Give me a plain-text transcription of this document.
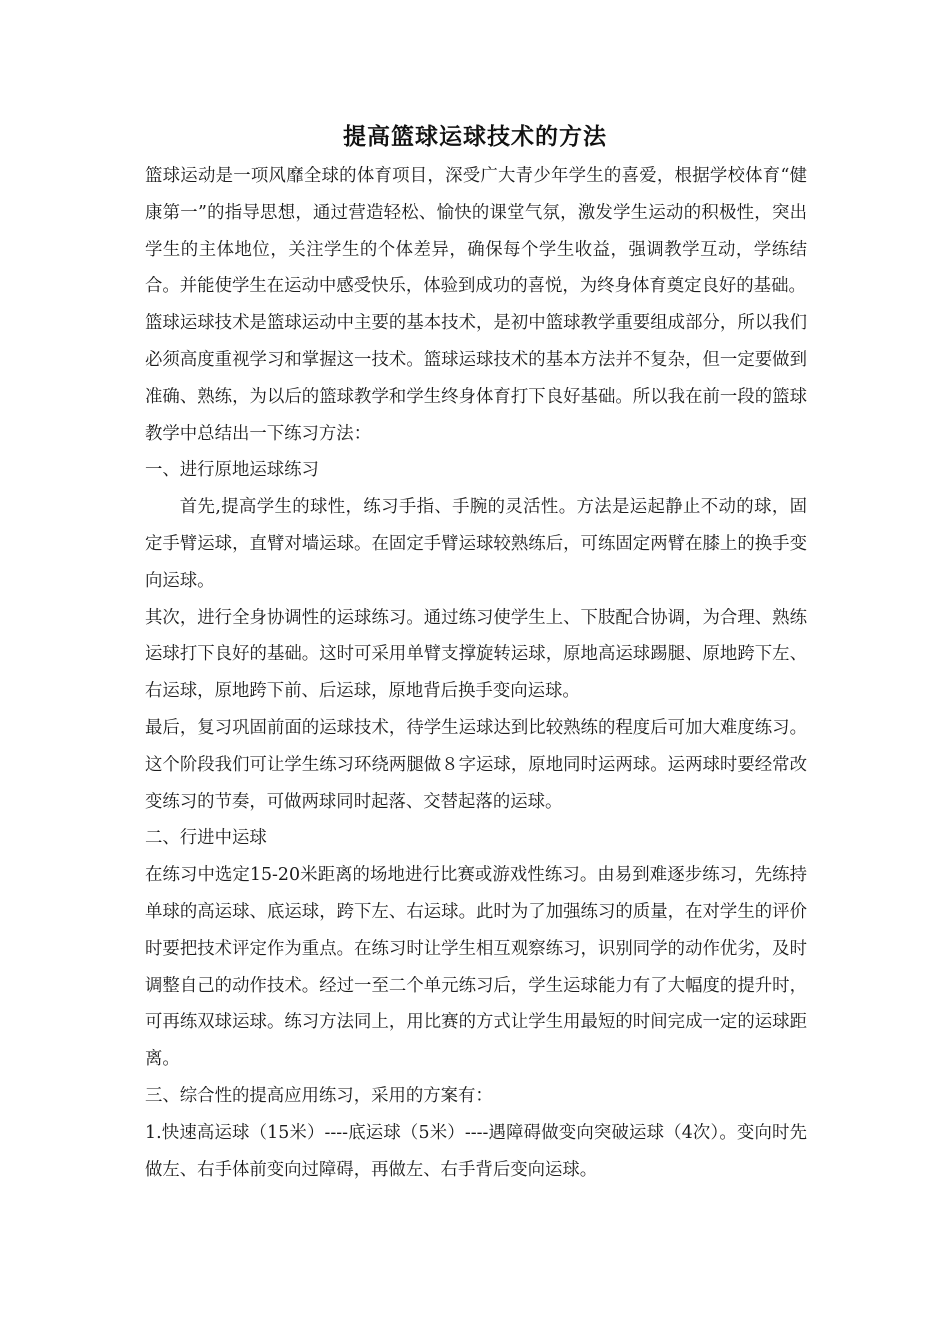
提高篮球运球技术的方法

篮球运动是一项风靡全球的体育项目，深受广大青少年学生的喜爱，根据学校体育“健康第一”的指导思想，通过营造轻松、愉快的课堂气氛，激发学生运动的积极性，突出学生的主体地位，关注学生的个体差异，确保每个学生收益，强调教学互动，学练结合。并能使学生在运动中感受快乐，体验到成功的喜悦，为终身体育奠定良好的基础。

篮球运球技术是篮球运动中主要的基本技术，是初中篮球教学重要组成部分，所以我们必须高度重视学习和掌握这一技术。篮球运球技术的基本方法并不复杂，但一定要做到准确、熟练，为以后的篮球教学和学生终身体育打下良好基础。所以我在前一段的篮球教学中总结出一下练习方法：

一、进行原地运球练习

首先,提高学生的球性，练习手指、手腕的灵活性。方法是运起静止不动的球，固定手臂运球，直臂对墙运球。在固定手臂运球较熟练后，可练固定两臂在膝上的换手变向运球。

其次，进行全身协调性的运球练习。通过练习使学生上、下肢配合协调，为合理、熟练运球打下良好的基础。这时可采用单臂支撑旋转运球，原地高运球踢腿、原地跨下左、右运球，原地跨下前、后运球，原地背后换手变向运球。

最后，复习巩固前面的运球技术，待学生运球达到比较熟练的程度后可加大难度练习。这个阶段我们可让学生练习环绕两腿做８字运球，原地同时运两球。运两球时要经常改变练习的节奏，可做两球同时起落、交替起落的运球。

二、行进中运球

在练习中选定15-20米距离的场地进行比赛或游戏性练习。由易到难逐步练习，先练持单球的高运球、底运球，跨下左、右运球。此时为了加强练习的质量，在对学生的评价时要把技术评定作为重点。在练习时让学生相互观察练习，识别同学的动作优劣，及时调整自己的动作技术。经过一至二个单元练习后，学生运球能力有了大幅度的提升时，可再练双球运球。练习方法同上，用比赛的方式让学生用最短的时间完成一定的运球距离。

三、综合性的提高应用练习，采用的方案有：

1.快速高运球（15米）----底运球（5米）----遇障碍做变向突破运球（4次）。变向时先做左、右手体前变向过障碍，再做左、右手背后变向运球。
